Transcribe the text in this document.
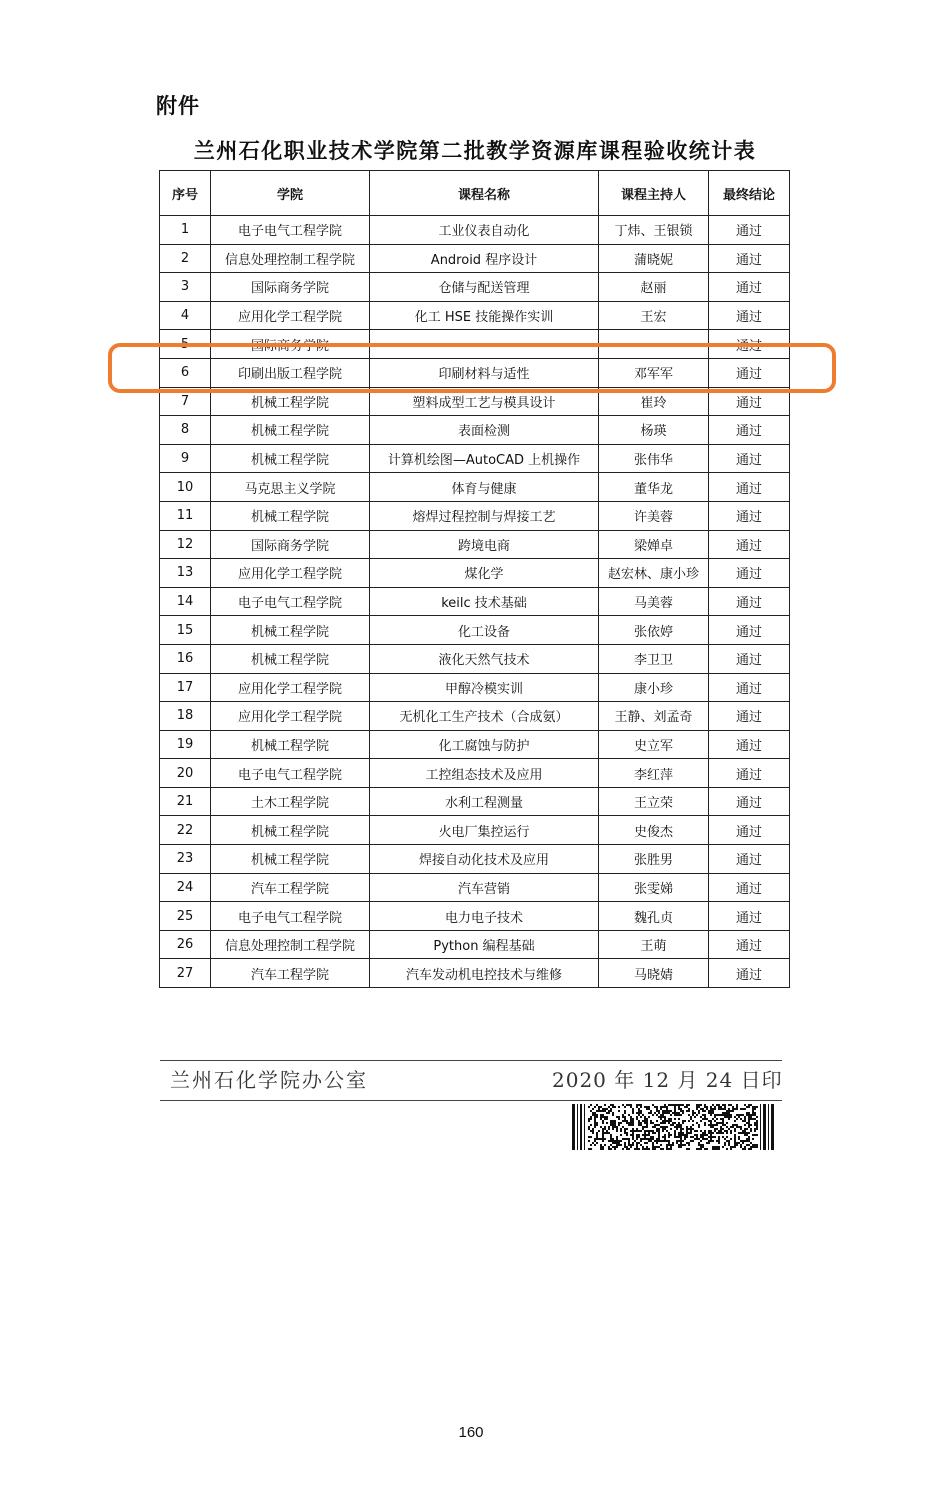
附件
兰州石化职业技术学院第二批教学资源库课程验收统计表
序号	学院	课程名称	课程主持人	最终结论
1	电子电气工程学院	工业仪表自动化	丁炜、王银锁	通过
2	信息处理控制工程学院	Android 程序设计	蒲晓妮	通过
3	国际商务学院	仓储与配送管理	赵丽	通过
4	应用化学工程学院	化工 HSE 技能操作实训	王宏	通过
5	国际商务学院			通过
6	印刷出版工程学院	印刷材料与适性	邓军军	通过
7	机械工程学院	塑料成型工艺与模具设计	崔玲	通过
8	机械工程学院	表面检测	杨瑛	通过
9	机械工程学院	计算机绘图—AutoCAD 上机操作	张伟华	通过
10	马克思主义学院	体育与健康	董华龙	通过
11	机械工程学院	熔焊过程控制与焊接工艺	许美蓉	通过
12	国际商务学院	跨境电商	梁婵卓	通过
13	应用化学工程学院	煤化学	赵宏林、康小珍	通过
14	电子电气工程学院	keilc 技术基础	马美蓉	通过
15	机械工程学院	化工设备	张依婷	通过
16	机械工程学院	液化天然气技术	李卫卫	通过
17	应用化学工程学院	甲醇冷模实训	康小珍	通过
18	应用化学工程学院	无机化工生产技术（合成氨）	王静、刘孟奇	通过
19	机械工程学院	化工腐蚀与防护	史立军	通过
20	电子电气工程学院	工控组态技术及应用	李红萍	通过
21	土木工程学院	水利工程测量	王立荣	通过
22	机械工程学院	火电厂集控运行	史俊杰	通过
23	机械工程学院	焊接自动化技术及应用	张胜男	通过
24	汽车工程学院	汽车营销	张雯娣	通过
25	电子电气工程学院	电力电子技术	魏孔贞	通过
26	信息处理控制工程学院	Python 编程基础	王萌	通过
27	汽车工程学院	汽车发动机电控技术与维修	马晓婧	通过
兰州石化学院办公室	2020 年 12 月 24 日印
160
